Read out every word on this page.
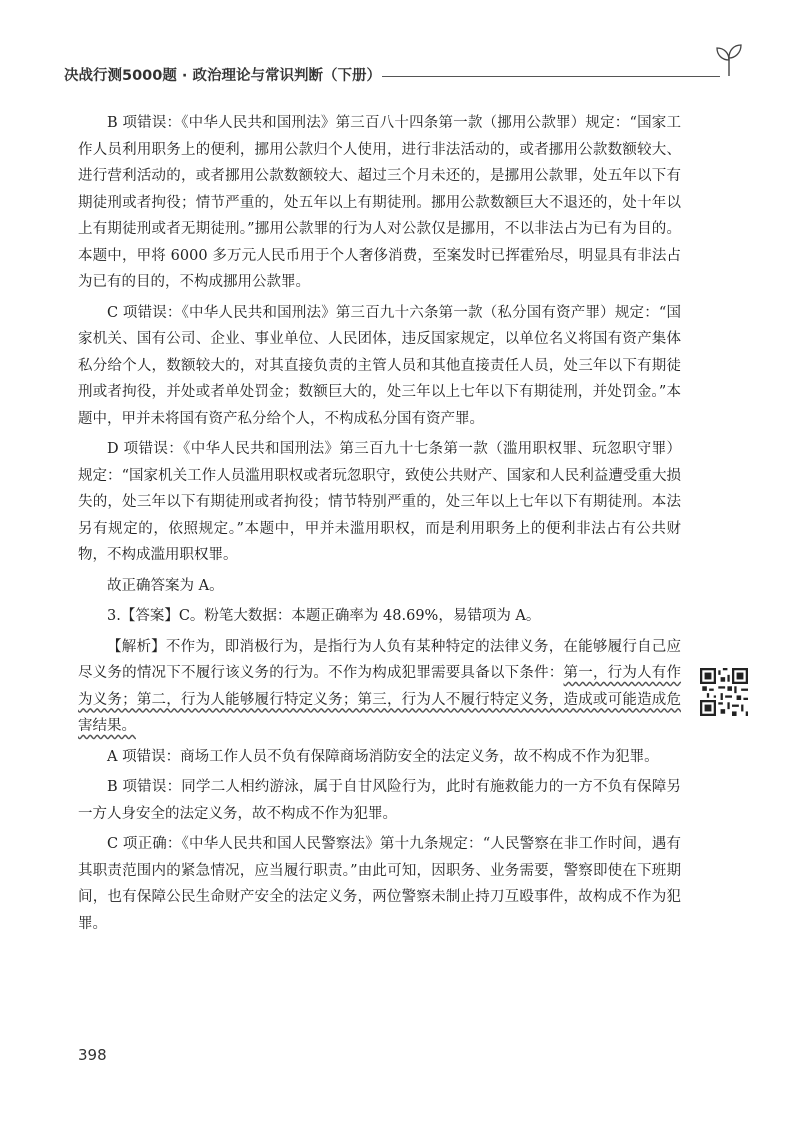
决战行测5000题 · 政治理论与常识判断（下册）

B 项错误：《中华人民共和国刑法》第三百八十四条第一款（挪用公款罪）规定：“国家工作人员利用职务上的便利，挪用公款归个人使用，进行非法活动的，或者挪用公款数额较大、进行营利活动的，或者挪用公款数额较大、超过三个月未还的，是挪用公款罪，处五年以下有期徒刑或者拘役；情节严重的，处五年以上有期徒刑。挪用公款数额巨大不退还的，处十年以上有期徒刑或者无期徒刑。”挪用公款罪的行为人对公款仅是挪用，不以非法占为已有为目的。本题中，甲将 6000 多万元人民币用于个人奢侈消费，至案发时已挥霍殆尽，明显具有非法占为已有的目的，不构成挪用公款罪。

C 项错误：《中华人民共和国刑法》第三百九十六条第一款（私分国有资产罪）规定：“国家机关、国有公司、企业、事业单位、人民团体，违反国家规定，以单位名义将国有资产集体私分给个人，数额较大的，对其直接负责的主管人员和其他直接责任人员，处三年以下有期徒刑或者拘役，并处或者单处罚金；数额巨大的，处三年以上七年以下有期徒刑，并处罚金。”本题中，甲并未将国有资产私分给个人，不构成私分国有资产罪。

D 项错误：《中华人民共和国刑法》第三百九十七条第一款（滥用职权罪、玩忽职守罪）规定：“国家机关工作人员滥用职权或者玩忽职守，致使公共财产、国家和人民利益遭受重大损失的，处三年以下有期徒刑或者拘役；情节特别严重的，处三年以上七年以下有期徒刑。本法另有规定的，依照规定。”本题中，甲并未滥用职权，而是利用职务上的便利非法占有公共财物，不构成滥用职权罪。

故正确答案为 A。

3.【答案】C。粉笔大数据：本题正确率为 48.69%，易错项为 A。

【解析】不作为，即消极行为，是指行为人负有某种特定的法律义务，在能够履行自己应尽义务的情况下不履行该义务的行为。不作为构成犯罪需要具备以下条件：第一，行为人有作为义务；第二，行为人能够履行特定义务；第三，行为人不履行特定义务，造成或可能造成危害结果。

A 项错误：商场工作人员不负有保障商场消防安全的法定义务，故不构成不作为犯罪。

B 项错误：同学二人相约游泳，属于自甘风险行为，此时有施救能力的一方不负有保障另一方人身安全的法定义务，故不构成不作为犯罪。

C 项正确：《中华人民共和国人民警察法》第十九条规定：“人民警察在非工作时间，遇有其职责范围内的紧急情况，应当履行职责。”由此可知，因职务、业务需要，警察即使在下班期间，也有保障公民生命财产安全的法定义务，两位警察未制止持刀互殴事件，故构成不作为犯罪。

398
